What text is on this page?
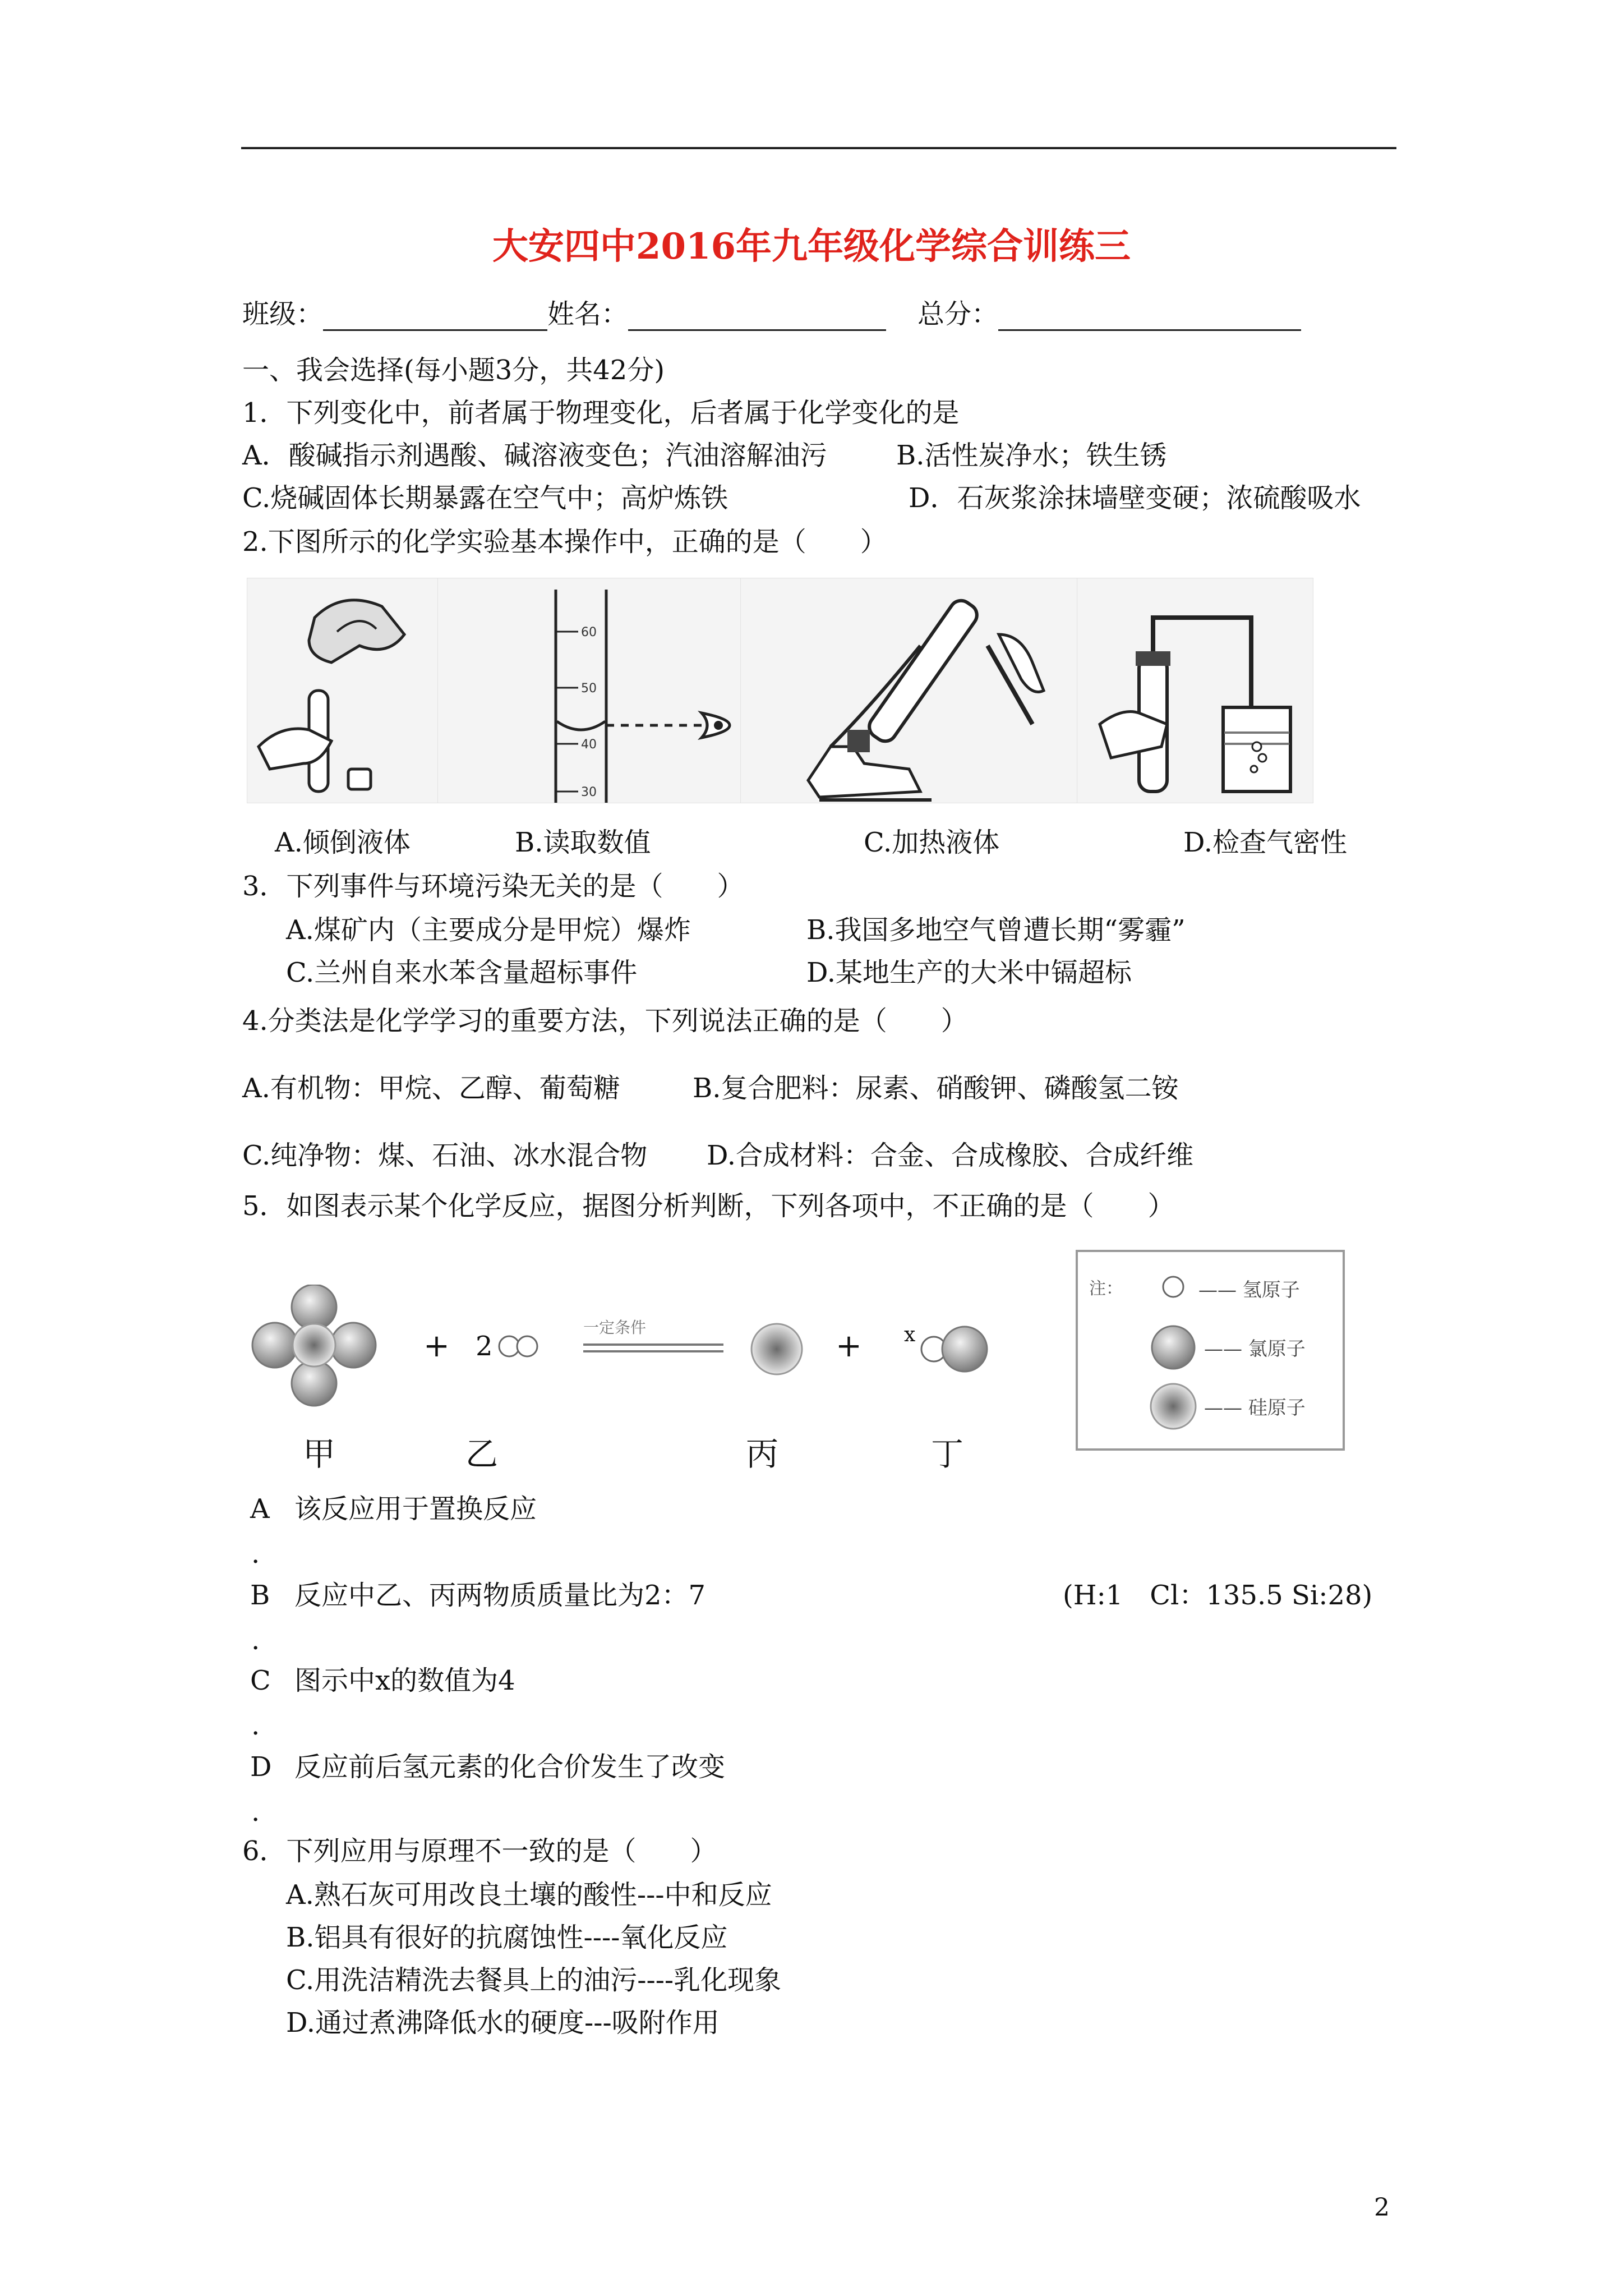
大安四中2016年九年级化学综合训练三
班级：	姓名：	总分：
一、我会选择(每小题3分，共42分)
1．下列变化中，前者属于物理变化，后者属于化学变化的是
A．酸碱指示剂遇酸、碱溶液变色；汽油溶解油污	B.活性炭净水；铁生锈
C.烧碱固体长期暴露在空气中；高炉炼铁	D．石灰浆涂抹墙壁变硬；浓硫酸吸水
2.下图所示的化学实验基本操作中，正确的是（　　）
60
50
40
30
A.倾倒液体	B.读取数值	C.加热液体	D.检查气密性
3．下列事件与环境污染无关的是（　　）
A.煤矿内（主要成分是甲烷）爆炸	B.我国多地空气曾遭长期“雾霾”
C.兰州自来水苯含量超标事件	D.某地生产的大米中镉超标
4.分类法是化学学习的重要方法，下列说法正确的是（　　）
A.有机物：甲烷、乙醇、葡萄糖	B.复合肥料：尿素、硝酸钾、磷酸氢二铵
C.纯净物：煤、石油、冰水混合物 D.合成材料：合金、合成橡胶、合成纤维
5．如图表示某个化学反应，据图分析判断，下列各项中，不正确的是（　　）
+ 2
一定条件
+ x
甲	乙	丙	丁
注：	—— 氢原子
—— 氯原子
—— 硅原子
A 该反应用于置换反应
.
B 反应中乙、丙两物质质量比为2：7	(H:1　Cl：135.5 Si:28)
.
C 图示中x的数值为4
.
D 反应前后氢元素的化合价发生了改变
.
6．下列应用与原理不一致的是（　　）
A.熟石灰可用改良土壤的酸性---中和反应
B.铝具有很好的抗腐蚀性----氧化反应
C.用洗洁精洗去餐具上的油污----乳化现象
D.通过煮沸降低水的硬度---吸附作用
2
